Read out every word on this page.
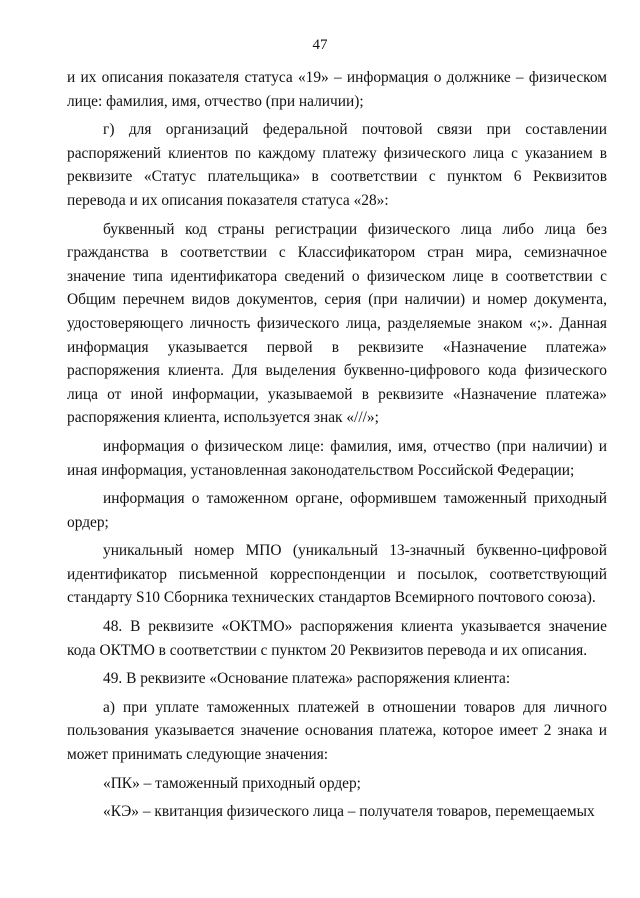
47

и их описания показателя статуса «19» – информация о должнике – физическом лице: фамилия, имя, отчество (при наличии);

г) для организаций федеральной почтовой связи при составлении распоряжений клиентов по каждому платежу физического лица с указанием в реквизите «Статус плательщика» в соответствии с пунктом 6 Реквизитов перевода и их описания показателя статуса «28»:

буквенный код страны регистрации физического лица либо лица без гражданства в соответствии с Классификатором стран мира, семизначное значение типа идентификатора сведений о физическом лице в соответствии с Общим перечнем видов документов, серия (при наличии) и номер документа, удостоверяющего личность физического лица, разделяемые знаком «;». Данная информация указывается первой в реквизите «Назначение платежа» распоряжения клиента. Для выделения буквенно-цифрового кода физического лица от иной информации, указываемой в реквизите «Назначение платежа» распоряжения клиента, используется знак «///»;

информация о физическом лице: фамилия, имя, отчество (при наличии) и иная информация, установленная законодательством Российской Федерации;

информация о таможенном органе, оформившем таможенный приходный ордер;

уникальный номер МПО (уникальный 13-значный буквенно-цифровой идентификатор письменной корреспонденции и посылок, соответствующий стандарту S10 Сборника технических стандартов Всемирного почтового союза).

48. В реквизите «ОКТМО» распоряжения клиента указывается значение кода ОКТМО в соответствии с пунктом 20 Реквизитов перевода и их описания.

49. В реквизите «Основание платежа» распоряжения клиента:

а) при уплате таможенных платежей в отношении товаров для личного пользования указывается значение основания платежа, которое имеет 2 знака и может принимать следующие значения:

«ПК» – таможенный приходный ордер;

«КЭ» – квитанция физического лица – получателя товаров, перемещаемых
